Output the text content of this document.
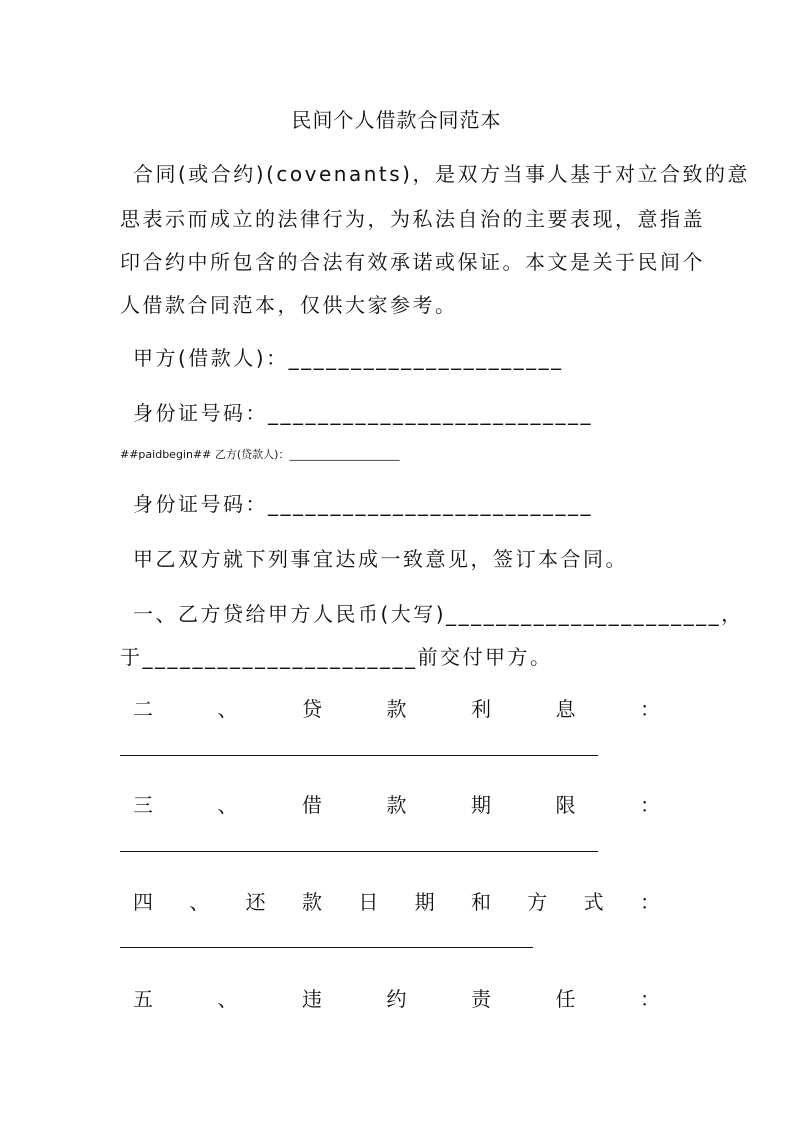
民间个人借款合同范本
合同(或合约)(covenants)，是双方当事人基于对立合致的意
思表示而成立的法律行为，为私法自治的主要表现，意指盖
印合约中所包含的合法有效承诺或保证。本文是关于民间个
人借款合同范本，仅供大家参考。
甲方(借款人)：______________________
身份证号码：__________________________
##paidbegin## 乙方(贷款人)：____________________
身份证号码：__________________________
甲乙双方就下列事宜达成一致意见，签订本合同。
一、乙方贷给甲方人民币(大写)______________________，
于______________________前交付甲方。
二	、	贷	款	利	息	：
三	、	借	款	期	限	：
四 、 还 款 日 期 和 方 式 ：
五	、	违	约	责	任	：
